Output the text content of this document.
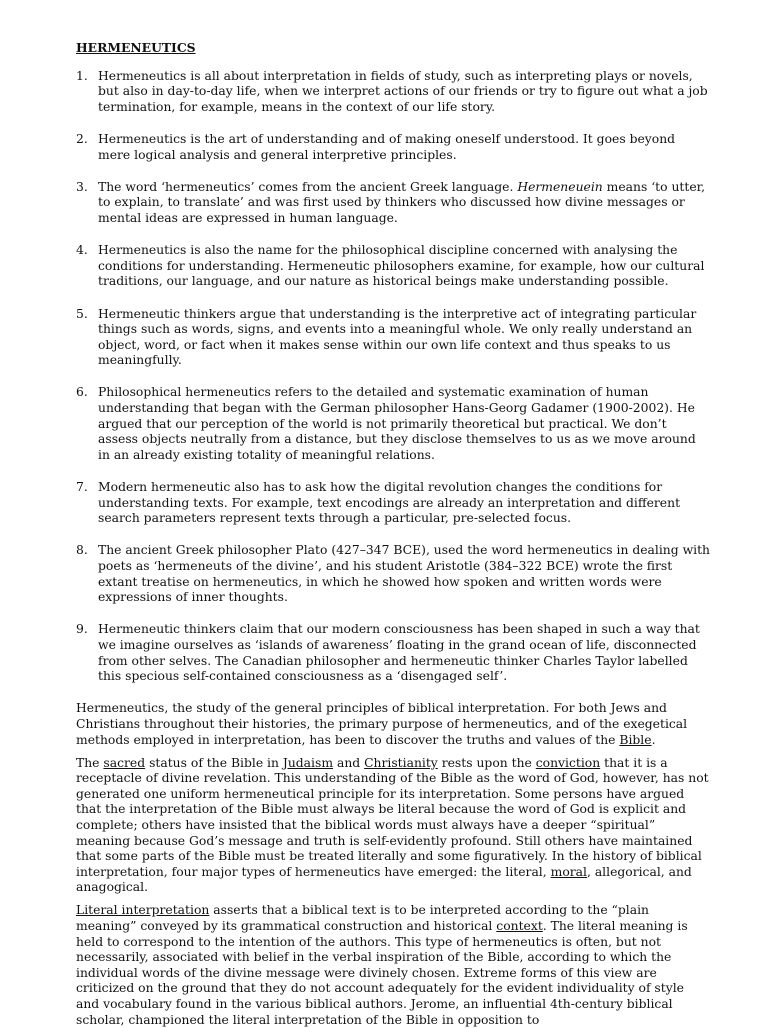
HERMENEUTICS
1. Hermeneutics is all about interpretation in fields of study, such as interpreting plays or novels, but also in day-to-day life, when we interpret actions of our friends or try to figure out what a job termination, for example, means in the context of our life story.
2. Hermeneutics is the art of understanding and of making oneself understood. It goes beyond mere logical analysis and general interpretive principles.
3. The word ‘hermeneutics’ comes from the ancient Greek language. Hermeneuein means ‘to utter, to explain, to translate’ and was first used by thinkers who discussed how divine messages or mental ideas are expressed in human language.
4. Hermeneutics is also the name for the philosophical discipline concerned with analysing the conditions for understanding. Hermeneutic philosophers examine, for example, how our cultural traditions, our language, and our nature as historical beings make understanding possible.
5. Hermeneutic thinkers argue that understanding is the interpretive act of integrating particular things such as words, signs, and events into a meaningful whole. We only really understand an object, word, or fact when it makes sense within our own life context and thus speaks to us meaningfully.
6. Philosophical hermeneutics refers to the detailed and systematic examination of human understanding that began with the German philosopher Hans-Georg Gadamer (1900-2002). He argued that our perception of the world is not primarily theoretical but practical. We don’t assess objects neutrally from a distance, but they disclose themselves to us as we move around in an already existing totality of meaningful relations.
7. Modern hermeneutic also has to ask how the digital revolution changes the conditions for understanding texts. For example, text encodings are already an interpretation and different search parameters represent texts through a particular, pre-selected focus.
8. The ancient Greek philosopher Plato (427–347 BCE), used the word hermeneutics in dealing with poets as ‘hermeneuts of the divine’, and his student Aristotle (384–322 BCE) wrote the first extant treatise on hermeneutics, in which he showed how spoken and written words were expressions of inner thoughts.
9. Hermeneutic thinkers claim that our modern consciousness has been shaped in such a way that we imagine ourselves as ‘islands of awareness’ floating in the grand ocean of life, disconnected from other selves. The Canadian philosopher and hermeneutic thinker Charles Taylor labelled this specious self-contained consciousness as a ‘disengaged self’.

Hermeneutics, the study of the general principles of biblical interpretation. For both Jews and Christians throughout their histories, the primary purpose of hermeneutics, and of the exegetical methods employed in interpretation, has been to discover the truths and values of the Bible.

The sacred status of the Bible in Judaism and Christianity rests upon the conviction that it is a receptacle of divine revelation. This understanding of the Bible as the word of God, however, has not generated one uniform hermeneutical principle for its interpretation. Some persons have argued that the interpretation of the Bible must always be literal because the word of God is explicit and complete; others have insisted that the biblical words must always have a deeper “spiritual” meaning because God’s message and truth is self-evidently profound. Still others have maintained that some parts of the Bible must be treated literally and some figuratively. In the history of biblical interpretation, four major types of hermeneutics have emerged: the literal, moral, allegorical, and anagogical.

Literal interpretation asserts that a biblical text is to be interpreted according to the “plain meaning” conveyed by its grammatical construction and historical context. The literal meaning is held to correspond to the intention of the authors. This type of hermeneutics is often, but not necessarily, associated with belief in the verbal inspiration of the Bible, according to which the individual words of the divine message were divinely chosen. Extreme forms of this view are criticized on the ground that they do not account adequately for the evident individuality of style and vocabulary found in the various biblical authors. Jerome, an influential 4th-century biblical scholar, championed the literal interpretation of the Bible in opposition to
